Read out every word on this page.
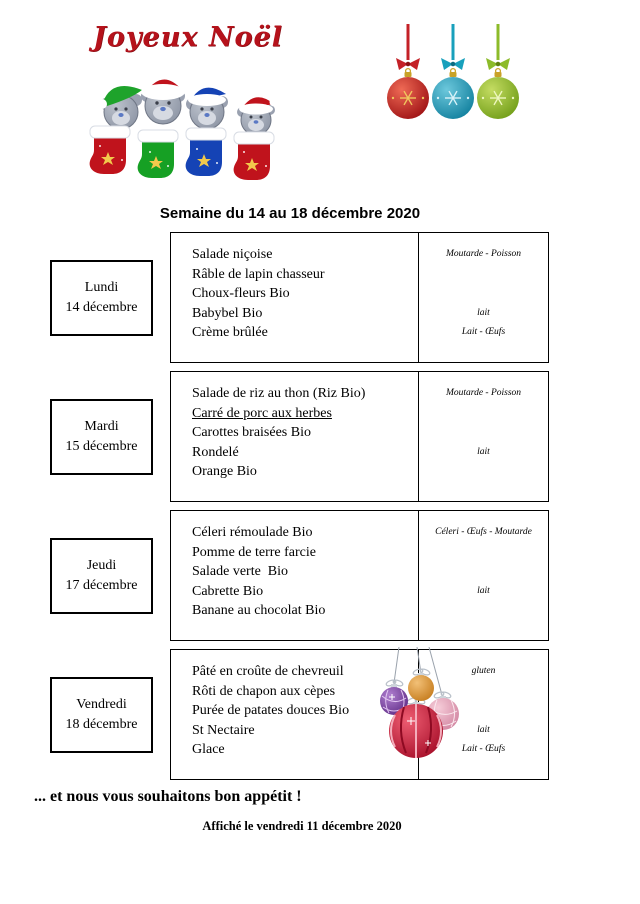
Joyeux Noël
Semaine du 14 au 18 décembre 2020
Lundi
14 décembre
Salade niçoise
Râble de lapin chasseur
Choux-fleurs Bio
Babybel Bio
Crème brûlée
Moutarde - Poisson
lait
Lait - Œufs
Mardi
15 décembre
Salade de riz au thon (Riz Bio)
Carré de porc aux herbes
Carottes braisées Bio
Rondelé
Orange Bio
Moutarde - Poisson
lait
Jeudi
17 décembre
Céleri rémoulade Bio
Pomme de terre farcie
Salade verte  Bio
Cabrette Bio
Banane au chocolat Bio
Céleri - Œufs - Moutarde
lait
Vendredi
18 décembre
Pâté en croûte de chevreuil
Rôti de chapon aux cèpes
Purée de patates douces Bio
St Nectaire
Glace
gluten
lait
Lait - Œufs
... et nous vous souhaitons bon appétit !
Affiché le vendredi 11 décembre 2020
